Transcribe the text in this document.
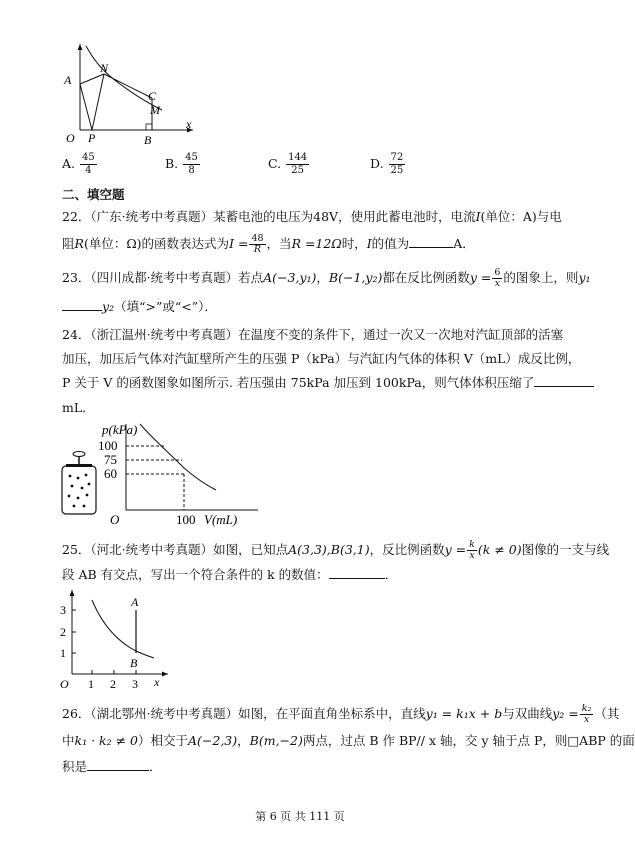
A
N
C
M
O P	B
x
A. $\frac{45}{4}$	B. $\frac{45}{8}$	C. $\frac{144}{25}$	D. $\frac{72}{25}$
二、填空题
22．（广东·统考中考真题）某蓄电池的电压为48V，使用此蓄电池时，电流I(单位：A)与电
阻R(单位：Ω)的函数表达式为$I = \frac{48}{R}$ ，当R =12Ω时，I的值为	A．
23．（四川成都·统考中考真题）若点A(−3,y₁)，B(−1,y₂)都在反比例函数$y = \frac{6}{x}$ 的图象上，则y₁
y₂（填“>”或“<”）．
24．（浙江温州·统考中考真题）在温度不变的条件下，通过一次又一次地对汽缸顶部的活塞
加压，加压后气体对汽缸壁所产生的压强 P（kPa）与汽缸内气体的体积 V（mL）成反比例，
P 关于 V 的函数图象如图所示. 若压强由 75kPa 加压到 100kPa，则气体体积压缩了
mL．
p(kPa)
100
75
60
O	100 V(mL)
25．（河北·统考中考真题）如图，已知点A(3,3),B(3,1)，反比例函数$y = \frac{k}{x} (k \ne 0)$图像的一支与线
段 AB 有交点，写出一个符合条件的 k 的数值：	．
3
2
1
O 1 2 3 x
A
B
26．（湖北鄂州·统考中考真题）如图，在平面直角坐标系中，直线y₁ = k₁x + b与双曲线$y_2 = \frac{\text{k₂}}{x}$ （其
中k₁ · k₂ ≠ 0）相交于A(−2,3)，B(m,−2)两点，过点 B 作 BP// x 轴，交 y 轴于点 P，则□ABP 的面
积是	．
第 6 页 共 111 页
